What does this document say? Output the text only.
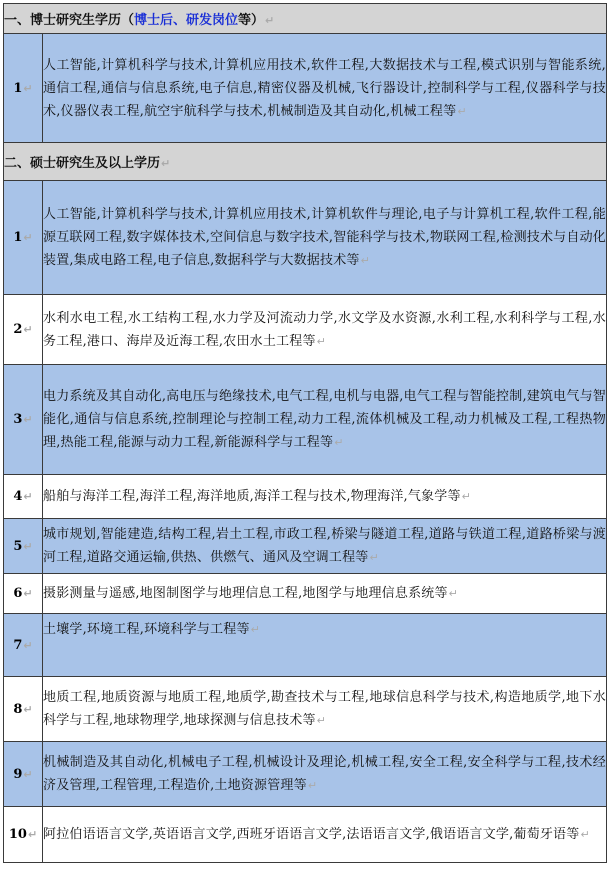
一、博士研究生学历（博士后、研发岗位等）↵	
1↵	人工智能,计算机科学与技术,计算机应用技术,软件工程,大数据技术与工程,模式识别与智能系统,通信工程,通信与信息系统,电子信息,精密仪器及机械,飞行器设计,控制科学与工程,仪器科学与技术,仪器仪表工程,航空宇航科学与技术,机械制造及其自动化,机械工程等↵
二、硕士研究生及以上学历↵	
1↵	人工智能,计算机科学与技术,计算机应用技术,计算机软件与理论,电子与计算机工程,软件工程,能源互联网工程,数字媒体技术,空间信息与数字技术,智能科学与技术,物联网工程,检测技术与自动化装置,集成电路工程,电子信息,数据科学与大数据技术等↵
2↵	水利水电工程,水工结构工程,水力学及河流动力学,水文学及水资源,水利工程,水利科学与工程,水务工程,港口、海岸及近海工程,农田水土工程等↵
3↵	电力系统及其自动化,高电压与绝缘技术,电气工程,电机与电器,电气工程与智能控制,建筑电气与智能化,通信与信息系统,控制理论与控制工程,动力工程,流体机械及工程,动力机械及工程,工程热物理,热能工程,能源与动力工程,新能源科学与工程等↵
4↵	船舶与海洋工程,海洋工程,海洋地质,海洋工程与技术,物理海洋,气象学等↵
5↵	城市规划,智能建造,结构工程,岩土工程,市政工程,桥梁与隧道工程,道路与铁道工程,道路桥梁与渡河工程,道路交通运输,供热、供燃气、通风及空调工程等↵
6↵	摄影测量与遥感,地图制图学与地理信息工程,地图学与地理信息系统等↵
7↵	土壤学,环境工程,环境科学与工程等↵
8↵	地质工程,地质资源与地质工程,地质学,勘查技术与工程,地球信息科学与技术,构造地质学,地下水科学与工程,地球物理学,地球探测与信息技术等↵
9↵	机械制造及其自动化,机械电子工程,机械设计及理论,机械工程,安全工程,安全科学与工程,技术经济及管理,工程管理,工程造价,土地资源管理等↵
10↵	阿拉伯语语言文学,英语语言文学,西班牙语语言文学,法语语言文学,俄语语言文学,葡萄牙语等↵
